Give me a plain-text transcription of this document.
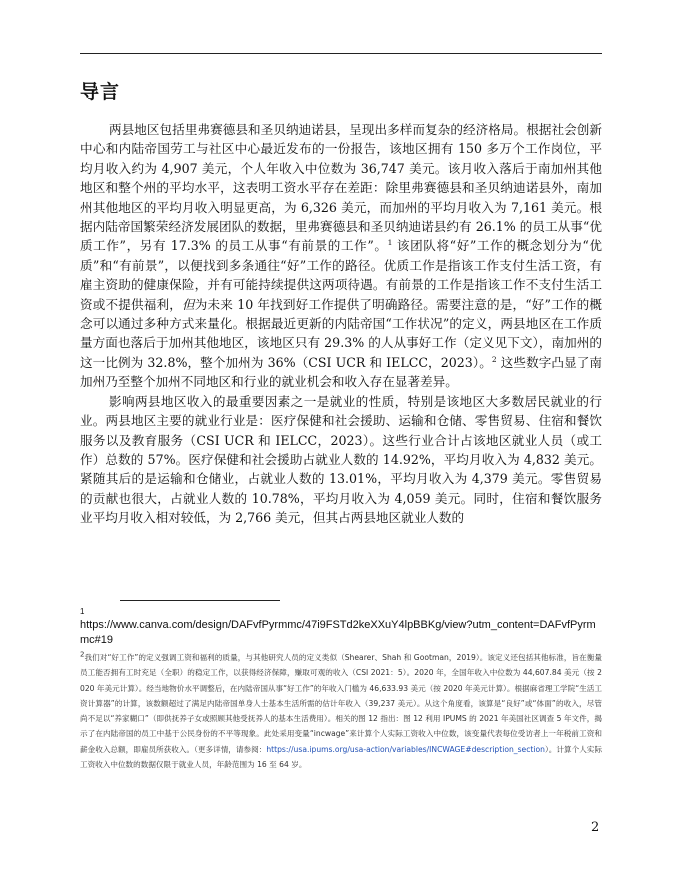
导言

两县地区包括里弗赛德县和圣贝纳迪诺县，呈现出多样而复杂的经济格局。根据社会创新中心和内陆帝国劳工与社区中心最近发布的一份报告，该地区拥有 150 多万个工作岗位，平均月收入约为 4,907 美元，个人年收入中位数为 36,747 美元。该月收入落后于南加州其他地区和整个州的平均水平，这表明工资水平存在差距：除里弗赛德县和圣贝纳迪诺县外，南加州其他地区的平均月收入明显更高，为 6,326 美元，而加州的平均月收入为 7,161 美元。根据内陆帝国繁荣经济发展团队的数据，里弗赛德县和圣贝纳迪诺县约有 26.1% 的员工从事“优质工作”，另有 17.3% 的员工从事“有前景的工作”。$^1$ 该团队将“好”工作的概念划分为“优质”和“有前景”，以便找到多条通往“好”工作的路径。优质工作是指该工作支付生活工资，有雇主资助的健康保险，并有可能持续提供这两项待遇。有前景的工作是指该工作不支付生活工资或不提供福利，但为未来 10 年找到好工作提供了明确路径。需要注意的是，“好”工作的概念可以通过多种方式来量化。根据最近更新的内陆帝国“工作状况”的定义，两县地区在工作质量方面也落后于加州其他地区，该地区只有 29.3% 的人从事好工作（定义见下文），南加州的这一比例为 32.8%，整个加州为 36%（CSI UCR 和 IELCC，2023）。$^2$ 这些数字凸显了南加州乃至整个加州不同地区和行业的就业机会和收入存在显著差异。

影响两县地区收入的最重要因素之一是就业的性质，特别是该地区大多数居民就业的行业。两县地区主要的就业行业是：医疗保健和社会援助、运输和仓储、零售贸易、住宿和餐饮服务以及教育服务（CSI UCR 和 IELCC，2023）。这些行业合计占该地区就业人员（或工作）总数的 57%。医疗保健和社会援助占就业人数的 14.92%，平均月收入为 4,832 美元。紧随其后的是运输和仓储业，占就业人数的 13.01%，平均月收入为 4,379 美元。零售贸易的贡献也很大，占就业人数的 10.78%，平均月收入为 4,059 美元。同时，住宿和餐饮服务业平均月收入相对较低，为 2,766 美元，但其占两县地区就业人数的

1
https://www.canva.com/design/DAFvfPyrmmc/47i9FSTd2keXXuY4lpBBKg/view?utm_content=DAFvfPyrmmc#19
2我们对“好工作”的定义强调工资和福利的质量，与其他研究人员的定义类似（Shearer、Shah 和 Gootman，2019）。该定义还包括其他标准，旨在衡量员工能否拥有工时充足（全职）的稳定工作，以获得经济保障，赚取可观的收入（CSI 2021：5）。2020 年，全国年收入中位数为 44,607.84 美元（按 2020 年美元计算）。经当地物价水平调整后，在内陆帝国从事“好工作”的年收入门槛为 46,633.93 美元（按 2020 年美元计算）。根据麻省理工学院“生活工资计算器”的计算，该数额超过了满足内陆帝国单身人士基本生活所需的估计年收入（39,237 美元）。从这个角度看，该算是“良好”或“体面”的收入，尽管尚不足以“养家糊口”（即供抚养子女或照顾其他受抚养人的基本生活费用）。相关的图 12 指出：图 12 利用 IPUMS 的 2021 年美国社区调查 5 年文件，揭示了在内陆帝国的员工中基于公民身份的不平等现象。此处采用变量“incwage”来计算个人实际工资收入中位数，该变量代表每位受访者上一年税前工资和薪金收入总额，即雇员所获收入。（更多详情，请参阅：https://usa.ipums.org/usa-action/variables/INCWAGE#description_section）。计算个人实际工资收入中位数的数据仅限于就业人员，年龄范围为 16 至 64 岁。
2
